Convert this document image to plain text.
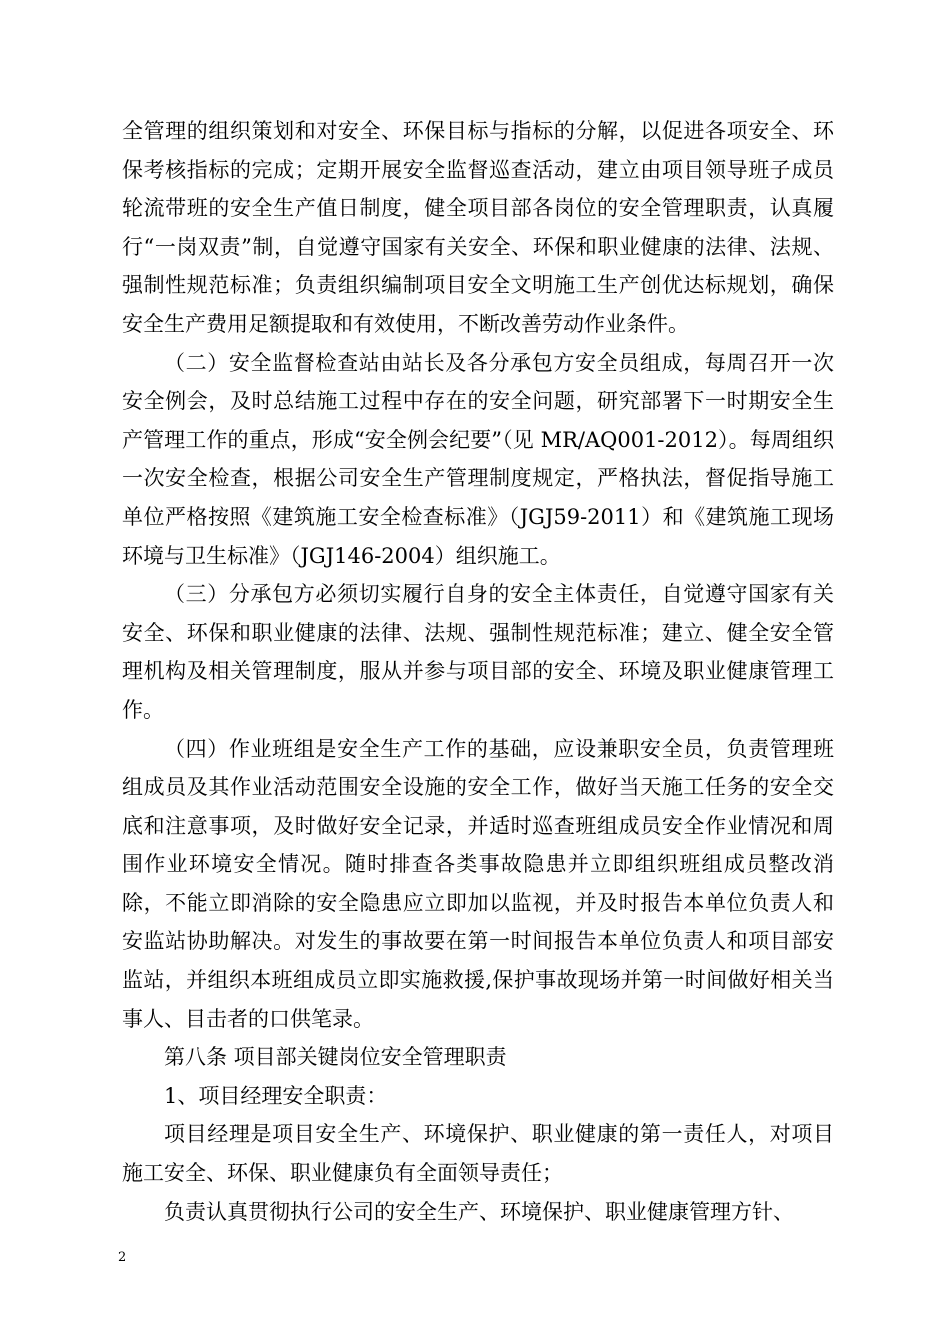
全管理的组织策划和对安全、环保目标与指标的分解，以促进各项安全、环保考核指标的完成；定期开展安全监督巡查活动，建立由项目领导班子成员轮流带班的安全生产值日制度，健全项目部各岗位的安全管理职责，认真履行“一岗双责”制，自觉遵守国家有关安全、环保和职业健康的法律、法规、强制性规范标准；负责组织编制项目安全文明施工生产创优达标规划，确保安全生产费用足额提取和有效使用，不断改善劳动作业条件。

（二）安全监督检查站由站长及各分承包方安全员组成，每周召开一次安全例会，及时总结施工过程中存在的安全问题，研究部署下一时期安全生产管理工作的重点，形成“安全例会纪要”（见 MR/AQ001-2012）。每周组织一次安全检查，根据公司安全生产管理制度规定，严格执法，督促指导施工单位严格按照《建筑施工安全检查标准》（JGJ59-2011）和《建筑施工现场环境与卫生标准》（JGJ146-2004）组织施工。

（三）分承包方必须切实履行自身的安全主体责任，自觉遵守国家有关安全、环保和职业健康的法律、法规、强制性规范标准；建立、健全安全管理机构及相关管理制度，服从并参与项目部的安全、环境及职业健康管理工作。

（四）作业班组是安全生产工作的基础，应设兼职安全员，负责管理班组成员及其作业活动范围安全设施的安全工作，做好当天施工任务的安全交底和注意事项，及时做好安全记录，并适时巡查班组成员安全作业情况和周围作业环境安全情况。随时排查各类事故隐患并立即组织班组成员整改消除，不能立即消除的安全隐患应立即加以监视，并及时报告本单位负责人和安监站协助解决。对发生的事故要在第一时间报告本单位负责人和项目部安监站，并组织本班组成员立即实施救援,保护事故现场并第一时间做好相关当事人、目击者的口供笔录。

第八条 项目部关键岗位安全管理职责

1、项目经理安全职责：

项目经理是项目安全生产、环境保护、职业健康的第一责任人，对项目施工安全、环保、职业健康负有全面领导责任；

负责认真贯彻执行公司的安全生产、环境保护、职业健康管理方针、

2
